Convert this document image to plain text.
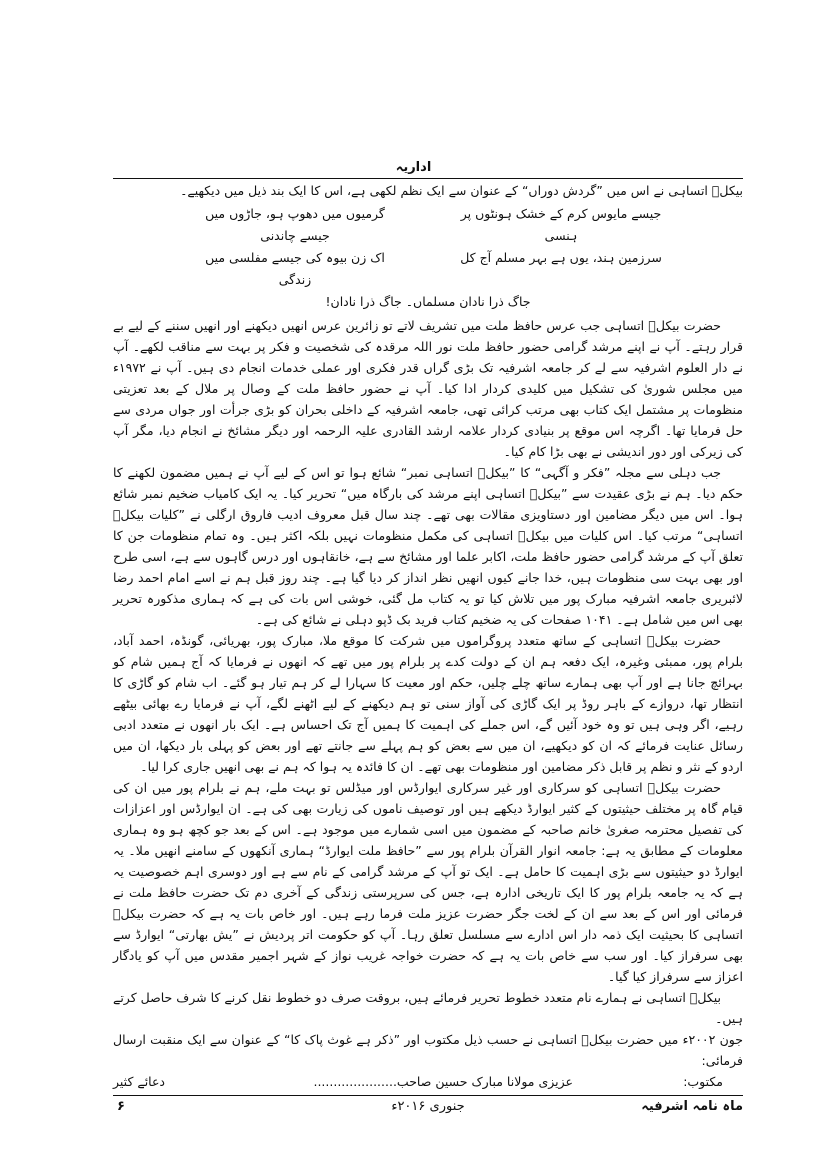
اداریہ

بیکلؔ اتساہی نے اس میں ”گردش دوراں“ کے عنوان سے ایک نظم لکھی ہے، اس کا ایک بند ذیل میں دیکھیے۔

جیسے مایوس کرم کے خشک ہونٹوں پر ہنسی
گرمیوں میں دھوپ ہو، جاڑوں میں جیسے چاندنی
سرزمین ہند، یوں ہے بہر مسلم آج کل
اک زن بیوہ کی جیسے مفلسی میں زندگی
جاگ ذرا نادان مسلماں۔ جاگ ذرا نادان!

حضرت بیکلؔ اتساہی جب عرس حافظ ملت میں تشریف لاتے تو زائرین عرس انھیں دیکھنے اور انھیں سننے کے لیے بے قرار رہتے۔ آپ نے اپنے مرشد گرامی حضور حافظ ملت نور اللہ مرقدہ کی شخصیت و فکر پر بہت سے مناقب لکھے۔ آپ نے دار العلوم اشرفیہ سے لے کر جامعہ اشرفیہ تک بڑی گراں قدر فکری اور عملی خدمات انجام دی ہیں۔ آپ نے ۱۹۷۲ء میں مجلس شوریٰ کی تشکیل میں کلیدی کردار ادا کیا۔ آپ نے حضور حافظ ملت کے وصال پر ملال کے بعد تعزیتی منظومات پر مشتمل ایک کتاب بھی مرتب کرائی تھی، جامعہ اشرفیہ کے داخلی بحران کو بڑی جرأت اور جواں مردی سے حل فرمایا تھا۔ اگرچہ اس موقع پر بنیادی کردار علامہ ارشد القادری علیہ الرحمہ اور دیگر مشائخ نے انجام دیا، مگر آپ کی زیرکی اور دور اندیشی نے بھی بڑا کام کیا۔

جب دہلی سے مجلہ ”فکر و آگہی“ کا ”بیکلؔ اتساہی نمبر“ شائع ہوا تو اس کے لیے آپ نے ہمیں مضمون لکھنے کا حکم دیا۔ ہم نے بڑی عقیدت سے ”بیکلؔ اتساہی اپنے مرشد کی بارگاہ میں“ تحریر کیا۔ یہ ایک کامیاب ضخیم نمبر شائع ہوا۔ اس میں دیگر مضامین اور دستاویزی مقالات بھی تھے۔ چند سال قبل معروف ادیب فاروق ارگلی نے ”کلیات بیکلؔ اتساہی“ مرتب کیا۔ اس کلیات میں بیکلؔ اتساہی کی مکمل منظومات نہیں بلکہ اکثر ہیں۔ وہ تمام منظومات جن کا تعلق آپ کے مرشد گرامی حضور حافظ ملت، اکابر علما اور مشائخ سے ہے، خانقاہوں اور درس گاہوں سے ہے، اسی طرح اور بھی بہت سی منظومات ہیں، خدا جانے کیوں انھیں نظر انداز کر دیا گیا ہے۔ چند روز قبل ہم نے اسے امام احمد رضا لائبریری جامعہ اشرفیہ مبارک پور میں تلاش کیا تو یہ کتاب مل گئی، خوشی اس بات کی ہے کہ ہماری مذکورہ تحریر بھی اس میں شامل ہے۔ ۱۰۴۱ صفحات کی یہ ضخیم کتاب فرید بک ڈپو دہلی نے شائع کی ہے۔

حضرت بیکلؔ اتساہی کے ساتھ متعدد پروگراموں میں شرکت کا موقع ملا، مبارک پور، بھریائی، گونڈہ، احمد آباد، بلرام پور، ممبئی وغیرہ، ایک دفعہ ہم ان کے دولت کدے پر بلرام پور میں تھے کہ انھوں نے فرمایا کہ آج ہمیں شام کو بہرائچ جانا ہے اور آپ بھی ہمارے ساتھ چلے چلیں، حکم اور معیت کا سہارا لے کر ہم تیار ہو گئے۔ اب شام کو گاڑی کا انتظار تھا، دروازے کے باہر روڈ پر ایک گاڑی کی آواز سنی تو ہم دیکھنے کے لیے اٹھنے لگے، آپ نے فرمایا رے بھائی بیٹھے رہیے، اگر وہی ہیں تو وہ خود آئیں گے، اس جملے کی اہمیت کا ہمیں آج تک احساس ہے۔ ایک بار انھوں نے متعدد ادبی رسائل عنایت فرمائے کہ ان کو دیکھیے، ان میں سے بعض کو ہم پہلے سے جانتے تھے اور بعض کو پہلی بار دیکھا، ان میں اردو کے نثر و نظم پر قابل ذکر مضامین اور منظومات بھی تھے۔ ان کا فائدہ یہ ہوا کہ ہم نے بھی انھیں جاری کرا لیا۔

حضرت بیکلؔ اتساہی کو سرکاری اور غیر سرکاری ایوارڈس اور میڈلس تو بہت ملے، ہم نے بلرام پور میں ان کی قیام گاہ پر مختلف حیثیتوں کے کثیر ایوارڈ دیکھے ہیں اور توصیف ناموں کی زیارت بھی کی ہے۔ ان ایوارڈس اور اعزازات کی تفصیل محترمہ صغریٰ خانم صاحبہ کے مضمون میں اسی شمارے میں موجود ہے۔ اس کے بعد جو کچھ ہو وہ ہماری معلومات کے مطابق یہ ہے: جامعہ انوار القرآن بلرام پور سے ”حافظ ملت ایوارڈ“ ہماری آنکھوں کے سامنے انھیں ملا۔ یہ ایوارڈ دو حیثیتوں سے بڑی اہمیت کا حامل ہے۔ ایک تو آپ کے مرشد گرامی کے نام سے ہے اور دوسری اہم خصوصیت یہ ہے کہ یہ جامعہ بلرام پور کا ایک تاریخی ادارہ ہے، جس کی سرپرستی زندگی کے آخری دم تک حضرت حافظ ملت نے فرمائی اور اس کے بعد سے ان کے لخت جگر حضرت عزیز ملت فرما رہے ہیں۔ اور خاص بات یہ ہے کہ حضرت بیکلؔ اتساہی کا بحیثیت ایک ذمہ دار اس ادارے سے مسلسل تعلق رہا۔ آپ کو حکومت اتر پردیش نے ”یش بھارتی“ ایوارڈ سے بھی سرفراز کیا۔ اور سب سے خاص بات یہ ہے کہ حضرت خواجہ غریب نواز کے شہر اجمیر مقدس میں آپ کو یادگار اعزاز سے سرفراز کیا گیا۔

بیکلؔ اتساہی نے ہمارے نام متعدد خطوط تحریر فرمائے ہیں، بروقت صرف دو خطوط نقل کرنے کا شرف حاصل کرتے ہیں۔

جون ۲۰۰۲ء میں حضرت بیکلؔ اتساہی نے حسب ذیل مکتوب اور ”ذکر ہے غوث پاک کا“ کے عنوان سے ایک منقبت ارسال فرمائی:

مکتوب:
عزیزی مولانا مبارک حسین صاحب.....................
دعائے کثیر
ماہ نامہ اشرفیہ
جنوری ۲۰۱۶ء
۶
